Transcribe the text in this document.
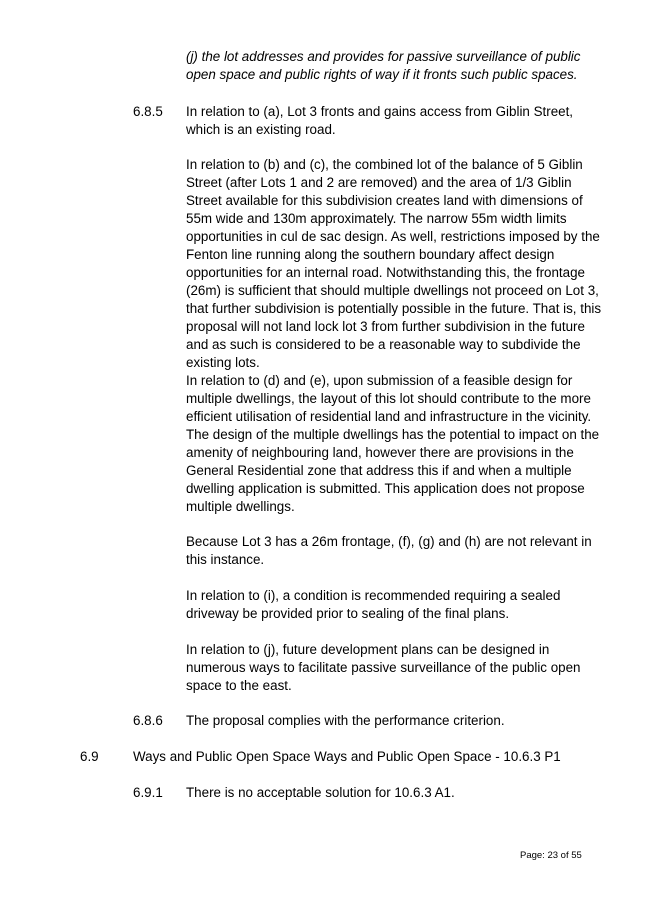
(j) the lot addresses and provides for passive surveillance of public open space and public rights of way if it fronts such public spaces.

6.8.5 In relation to (a), Lot 3 fronts and gains access from Giblin Street, which is an existing road.

In relation to (b) and (c), the combined lot of the balance of 5 Giblin Street (after Lots 1 and 2 are removed) and the area of 1/3 Giblin Street available for this subdivision creates land with dimensions of 55m wide and 130m approximately. The narrow 55m width limits opportunities in cul de sac design. As well, restrictions imposed by the Fenton line running along the southern boundary affect design opportunities for an internal road. Notwithstanding this, the frontage (26m) is sufficient that should multiple dwellings not proceed on Lot 3, that further subdivision is potentially possible in the future. That is, this proposal will not land lock lot 3 from further subdivision in the future and as such is considered to be a reasonable way to subdivide the existing lots.

In relation to (d) and (e), upon submission of a feasible design for multiple dwellings, the layout of this lot should contribute to the more efficient utilisation of residential land and infrastructure in the vicinity. The design of the multiple dwellings has the potential to impact on the amenity of neighbouring land, however there are provisions in the General Residential zone that address this if and when a multiple dwelling application is submitted. This application does not propose multiple dwellings.

Because Lot 3 has a 26m frontage, (f), (g) and (h) are not relevant in this instance.

In relation to (i), a condition is recommended requiring a sealed driveway be provided prior to sealing of the final plans.

In relation to (j), future development plans can be designed in numerous ways to facilitate passive surveillance of the public open space to the east.

6.8.6 The proposal complies with the performance criterion.

6.9	Ways and Public Open Space Ways and Public Open Space - 10.6.3 P1

6.9.1 There is no acceptable solution for 10.6.3 A1.

Page: 23 of 55
